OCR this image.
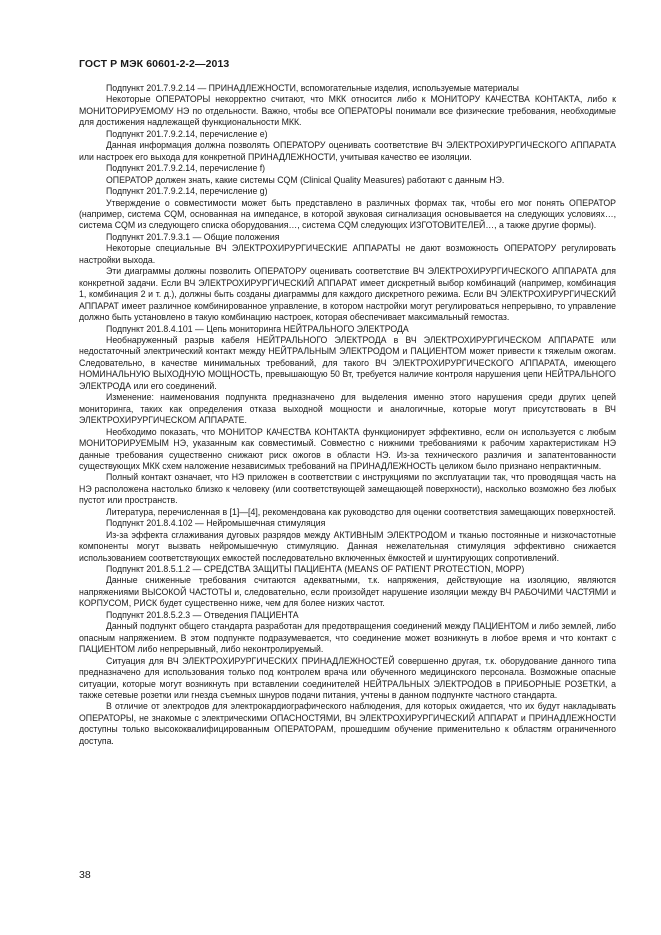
ГОСТ Р МЭК 60601-2-2—2013

Подпункт 201.7.9.2.14 — ПРИНАДЛЕЖНОСТИ, вспомогательные изделия, используемые материалы

Некоторые ОПЕРАТОРЫ некорректно считают, что МКК относится либо к МОНИТОРУ КАЧЕСТВА КОНТАКТА, либо к МОНИТОРИРУЕМОМУ НЭ по отдельности. Важно, чтобы все ОПЕРАТОРЫ понимали все физические требования, необходимые для достижения надлежащей функциональности МКК.

Подпункт 201.7.9.2.14, перечисление е)

Данная информация должна позволять ОПЕРАТОРУ оценивать соответствие ВЧ ЭЛЕКТРОХИРУРГИЧЕСКОГО АППАРАТА или настроек его выхода для конкретной ПРИНАДЛЕЖНОСТИ, учитывая качество ее изоляции.

Подпункт 201.7.9.2.14, перечисление f)

ОПЕРАТОР должен знать, какие системы CQM (Clinical Quality Measures) работают с данным НЭ.

Подпункт 201.7.9.2.14, перечисление g)

Утверждение о совместимости может быть представлено в различных формах так, чтобы его мог понять ОПЕРАТОР (например, система CQM, основанная на импедансе, в которой звуковая сигнализация основывается на следующих условиях…, система CQM из следующего списка оборудования…, система CQM следующих ИЗГОТОВИТЕЛЕЙ…, а также другие формы).

Подпункт 201.7.9.3.1 — Общие положения

Некоторые специальные ВЧ ЭЛЕКТРОХИРУРГИЧЕСКИЕ АППАРАТЫ не дают возможность ОПЕРАТОРУ регулировать настройки выхода.

Эти диаграммы должны позволить ОПЕРАТОРУ оценивать соответствие ВЧ ЭЛЕКТРОХИРУРГИЧЕСКОГО АППАРАТА для конкретной задачи. Если ВЧ ЭЛЕКТРОХИРУРГИЧЕСКИЙ АППАРАТ имеет дискретный выбор комбинаций (например, комбинация 1, комбинация 2 и т. д.), должны быть созданы диаграммы для каждого дискретного режима. Если ВЧ ЭЛЕКТРОХИРУРГИЧЕСКИЙ АППАРАТ имеет различное комбинированное управление, в котором настройки могут регулироваться непрерывно, то управление должно быть установлено в такую комбинацию настроек, которая обеспечивает максимальный гемостаз.

Подпункт 201.8.4.101 — Цепь мониторинга НЕЙТРАЛЬНОГО ЭЛЕКТРОДА

Необнаруженный разрыв кабеля НЕЙТРАЛЬНОГО ЭЛЕКТРОДА в ВЧ ЭЛЕКТРОХИРУРГИЧЕСКОМ АППАРАТЕ или недостаточный электрический контакт между НЕЙТРАЛЬНЫМ ЭЛЕКТРОДОМ и ПАЦИЕНТОМ может привести к тяжелым ожогам. Следовательно, в качестве минимальных требований, для такого ВЧ ЭЛЕКТРОХИРУРГИЧЕСКОГО АППАРАТА, имеющего НОМИНАЛЬНУЮ ВЫХОДНУЮ МОЩНОСТЬ, превышающую 50 Вт, требуется наличие контроля нарушения цепи НЕЙТРАЛЬНОГО ЭЛЕКТРОДА или его соединений.

Изменение: наименования подпункта предназначено для выделения именно этого нарушения среди других цепей мониторинга, таких как определения отказа выходной мощности и аналогичные, которые могут присутствовать в ВЧ ЭЛЕКТРОХИРУРГИЧЕСКОМ АППАРАТЕ.

Необходимо показать, что МОНИТОР КАЧЕСТВА КОНТАКТА функционирует эффективно, если он используется с любым МОНИТОРИРУЕМЫМ НЭ, указанным как совместимый. Совместно с нижними требованиями к рабочим характеристикам НЭ данные требования существенно снижают риск ожогов в области НЭ. Из-за технического различия и запатентованности существующих МКК схем наложение независимых требований на ПРИНАДЛЕЖНОСТЬ целиком было признано непрактичным.

Полный контакт означает, что НЭ приложен в соответствии с инструкциями по эксплуатации так, что проводящая часть на НЭ расположена настолько близко к человеку (или соответствующей замещающей поверхности), насколько возможно без любых пустот или пространств.

Литература, перечисленная в [1]—[4], рекомендована как руководство для оценки соответствия замещающих поверхностей.

Подпункт 201.8.4.102 — Нейромышечная стимуляция

Из-за эффекта сглаживания дуговых разрядов между АКТИВНЫМ ЭЛЕКТРОДОМ и тканью постоянные и низкочастотные компоненты могут вызвать нейромышечную стимуляцию. Данная нежелательная стимуляция эффективно снижается использованием соответствующих емкостей последовательно включенных ёмкостей и шунтирующих сопротивлений.

Подпункт 201.8.5.1.2 — СРЕДСТВА ЗАЩИТЫ ПАЦИЕНТА (MEANS OF PATIENT PROTECTION, MOPP)

Данные сниженные требования считаются адекватными, т.к. напряжения, действующие на изоляцию, являются напряжениями ВЫСОКОЙ ЧАСТОТЫ и, следовательно, если произойдет нарушение изоляции между ВЧ РАБОЧИМИ ЧАСТЯМИ и КОРПУСОМ, РИСК будет существенно ниже, чем для более низких частот.

Подпункт 201.8.5.2.3 — Отведения ПАЦИЕНТА

Данный подпункт общего стандарта разработан для предотвращения соединений между ПАЦИЕНТОМ и либо землей, либо опасным напряжением. В этом подпункте подразумевается, что соединение может возникнуть в любое время и что контакт с ПАЦИЕНТОМ либо непрерывный, либо неконтролируемый.

Ситуация для ВЧ ЭЛЕКТРОХИРУРГИЧЕСКИХ ПРИНАДЛЕЖНОСТЕЙ совершенно другая, т.к. оборудование данного типа предназначено для использования только под контролем врача или обученного медицинского персонала. Возможные опасные ситуации, которые могут возникнуть при вставлении соединителей НЕЙТРАЛЬНЫХ ЭЛЕКТРОДОВ в ПРИБОРНЫЕ РОЗЕТКИ, а также сетевые розетки или гнезда съемных шнуров подачи питания, учтены в данном подпункте частного стандарта.

В отличие от электродов для электрокардиографического наблюдения, для которых ожидается, что их будут накладывать ОПЕРАТОРЫ, не знакомые с электрическими ОПАСНОСТЯМИ, ВЧ ЭЛЕКТРОХИРУРГИЧЕСКИЙ АППАРАТ и ПРИНАДЛЕЖНОСТИ доступны только высококвалифицированным ОПЕРАТОРАМ, прошедшим обучение применительно к областям ограниченного доступа.

38
